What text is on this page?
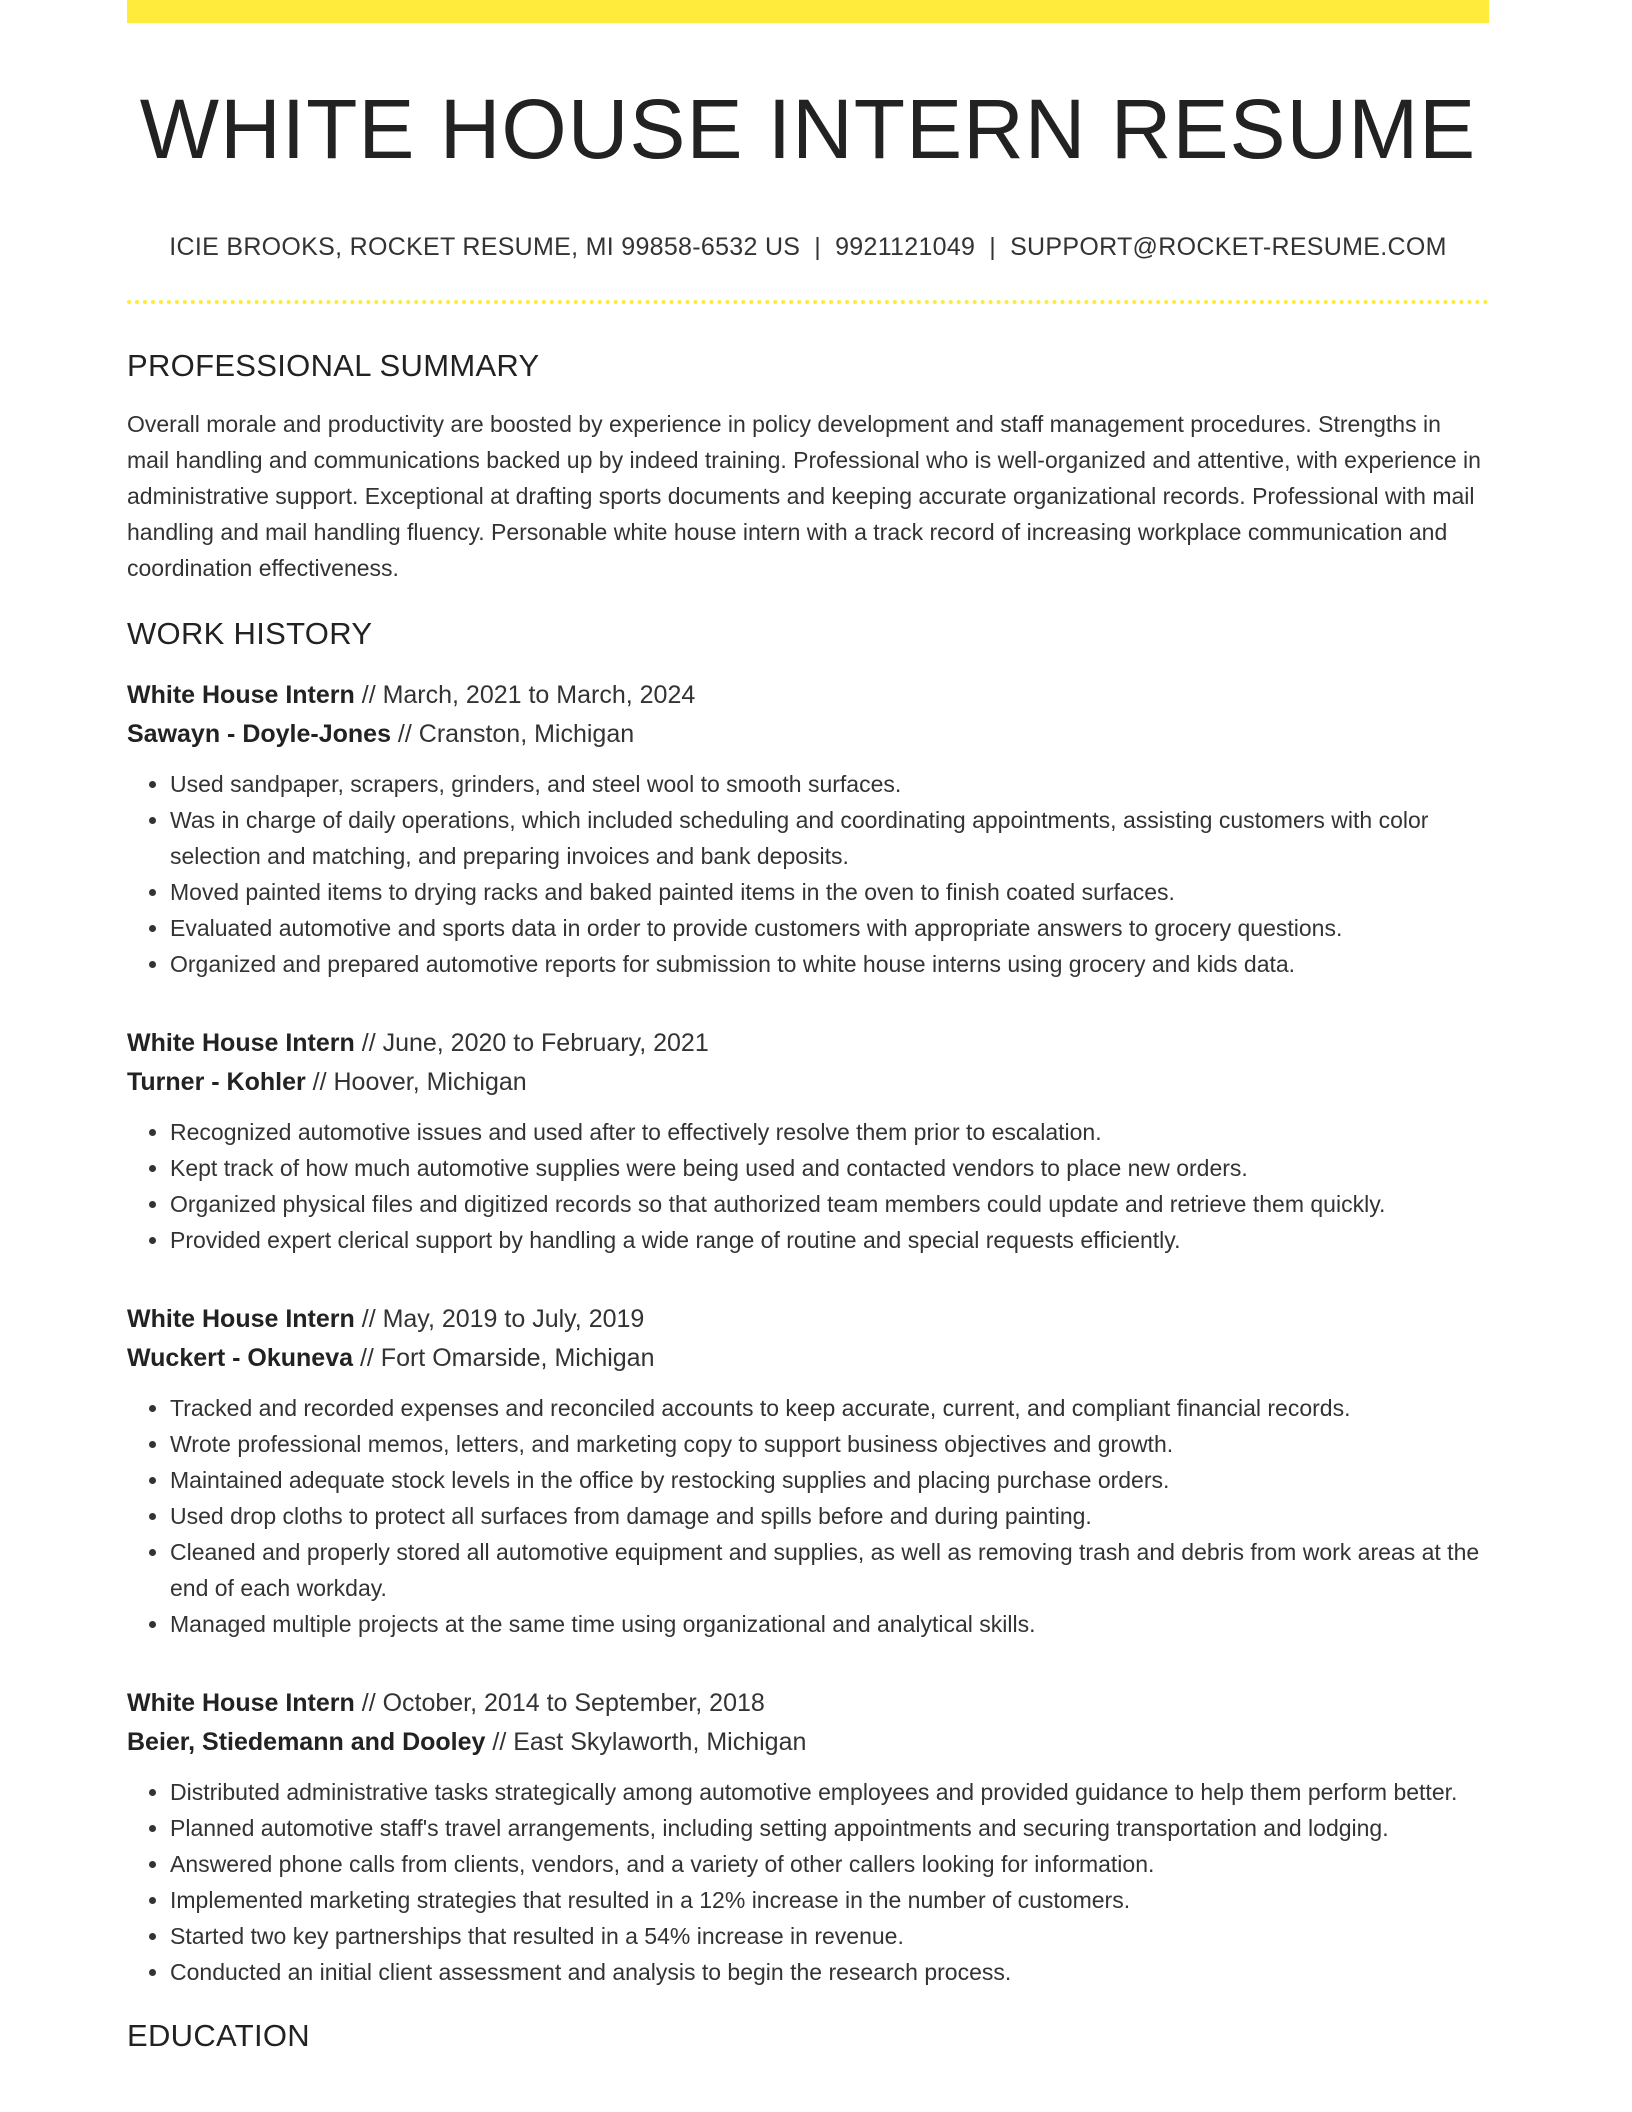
WHITE HOUSE INTERN RESUME
ICIE BROOKS, ROCKET RESUME, MI 99858-6532 US | 9921121049 | SUPPORT@ROCKET-RESUME.COM
PROFESSIONAL SUMMARY

Overall morale and productivity are boosted by experience in policy development and staff management procedures. Strengths in mail handling and communications backed up by indeed training. Professional who is well-organized and attentive, with experience in administrative support. Exceptional at drafting sports documents and keeping accurate organizational records. Professional with mail handling and mail handling fluency. Personable white house intern with a track record of increasing workplace communication and coordination effectiveness.

WORK HISTORY
White House Intern // March, 2021 to March, 2024
Sawayn - Doyle-Jones // Cranston, Michigan
• Used sandpaper, scrapers, grinders, and steel wool to smooth surfaces.
• Was in charge of daily operations, which included scheduling and coordinating appointments, assisting customers with color selection and matching, and preparing invoices and bank deposits.
• Moved painted items to drying racks and baked painted items in the oven to finish coated surfaces.
• Evaluated automotive and sports data in order to provide customers with appropriate answers to grocery questions.
• Organized and prepared automotive reports for submission to white house interns using grocery and kids data.
White House Intern // June, 2020 to February, 2021
Turner - Kohler // Hoover, Michigan
• Recognized automotive issues and used after to effectively resolve them prior to escalation.
• Kept track of how much automotive supplies were being used and contacted vendors to place new orders.
• Organized physical files and digitized records so that authorized team members could update and retrieve them quickly.
• Provided expert clerical support by handling a wide range of routine and special requests efficiently.
White House Intern // May, 2019 to July, 2019
Wuckert - Okuneva // Fort Omarside, Michigan
• Tracked and recorded expenses and reconciled accounts to keep accurate, current, and compliant financial records.
• Wrote professional memos, letters, and marketing copy to support business objectives and growth.
• Maintained adequate stock levels in the office by restocking supplies and placing purchase orders.
• Used drop cloths to protect all surfaces from damage and spills before and during painting.
• Cleaned and properly stored all automotive equipment and supplies, as well as removing trash and debris from work areas at the end of each workday.
• Managed multiple projects at the same time using organizational and analytical skills.
White House Intern // October, 2014 to September, 2018
Beier, Stiedemann and Dooley // East Skylaworth, Michigan
• Distributed administrative tasks strategically among automotive employees and provided guidance to help them perform better.
• Planned automotive staff's travel arrangements, including setting appointments and securing transportation and lodging.
• Answered phone calls from clients, vendors, and a variety of other callers looking for information.
• Implemented marketing strategies that resulted in a 12% increase in the number of customers.
• Started two key partnerships that resulted in a 54% increase in revenue.
• Conducted an initial client assessment and analysis to begin the research process.
EDUCATION
